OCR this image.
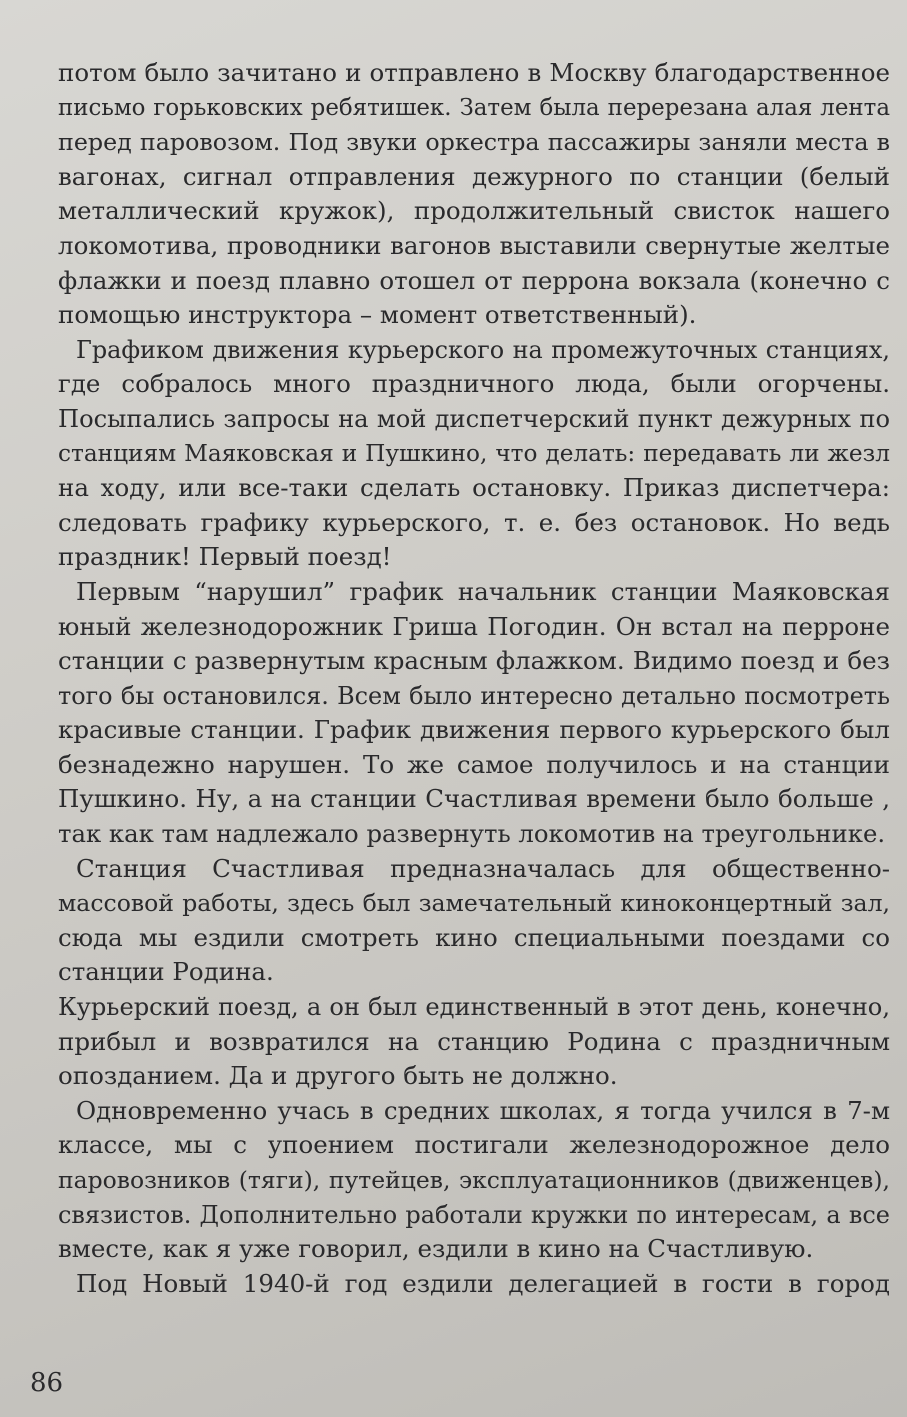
потом было зачитано и отправлено в Москву благодарственное
письмо горьковских ребятишек. Затем была перерезана алая лента
перед паровозом. Под звуки оркестра пассажиры заняли места в
вагонах, сигнал отправления дежурного по станции (белый
металлический кружок), продолжительный свисток нашего
локомотива, проводники вагонов выставили свернутые желтые
флажки и поезд плавно отошел от перрона вокзала (конечно с
помощью инструктора – момент ответственный).
Графиком движения курьерского на промежуточных станциях,
где собралось много праздничного люда, были огорчены.
Посыпались запросы на мой диспетчерский пункт дежурных по
станциям Маяковская и Пушкино, что делать: передавать ли жезл
на ходу, или все-таки сделать остановку. Приказ диспетчера:
следовать графику курьерского, т. е. без остановок. Но ведь
праздник! Первый поезд!
Первым “нарушил” график начальник станции Маяковская
юный железнодорожник Гриша Погодин. Он встал на перроне
станции с развернутым красным флажком. Видимо поезд и без
того бы остановился. Всем было интересно детально посмотреть
красивые станции. График движения первого курьерского был
безнадежно нарушен. То же самое получилось и на станции
Пушкино. Ну, а на станции Счастливая времени было больше ,
так как там надлежало развернуть локомотив на треугольнике.
Станция Счастливая предназначалась для общественно-
массовой работы, здесь был замечательный киноконцертный зал,
сюда мы ездили смотреть кино специальными поездами со
станции Родина.
Курьерский поезд, а он был единственный в этот день, конечно,
прибыл и возвратился на станцию Родина с праздничным
опозданием. Да и другого быть не должно.
Одновременно учась в средних школах, я тогда учился в 7-м
классе, мы с упоением постигали железнодорожное дело
паровозников (тяги), путейцев, эксплуатационников (движенцев),
связистов. Дополнительно работали кружки по интересам, а все
вместе, как я уже говорил, ездили в кино на Счастливую.
Под Новый 1940-й год ездили делегацией в гости в город
86
